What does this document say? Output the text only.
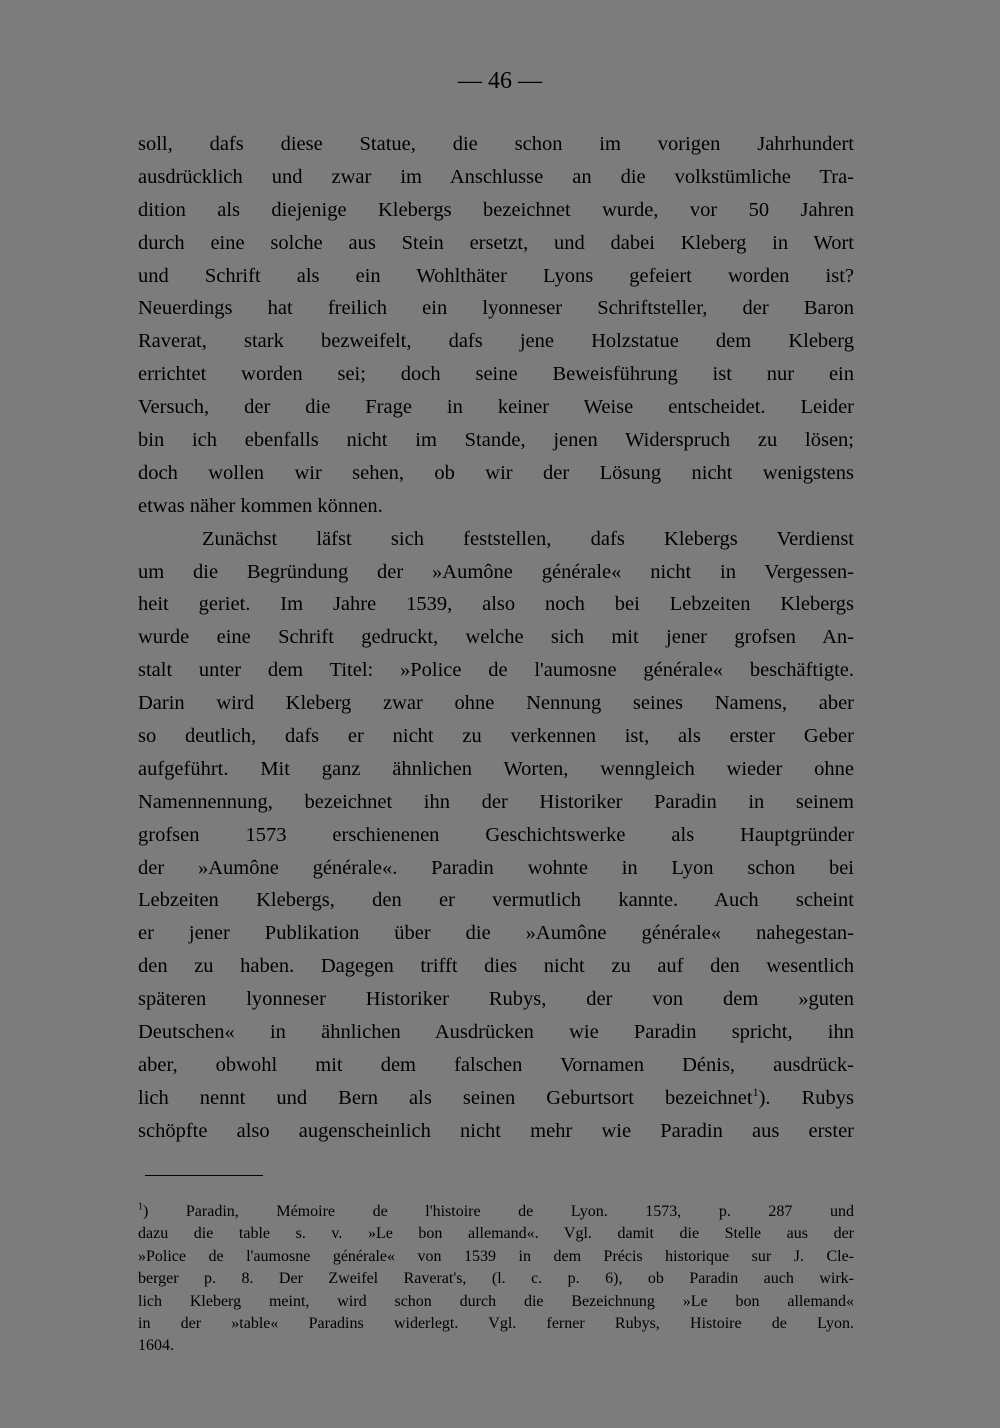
— 46 —
soll, dafs diese Statue, die schon im vorigen Jahrhundert
ausdrücklich und zwar im Anschlusse an die volkstümliche Tra-
dition als diejenige Klebergs bezeichnet wurde, vor 50 Jahren
durch eine solche aus Stein ersetzt, und dabei Kleberg in Wort
und Schrift als ein Wohlthäter Lyons gefeiert worden ist?
Neuerdings hat freilich ein lyonneser Schriftsteller, der Baron
Raverat, stark bezweifelt, dafs jene Holzstatue dem Kleberg
errichtet worden sei; doch seine Beweisführung ist nur ein
Versuch, der die Frage in keiner Weise entscheidet. Leider
bin ich ebenfalls nicht im Stande, jenen Widerspruch zu lösen;
doch wollen wir sehen, ob wir der Lösung nicht wenigstens
etwas näher kommen können.
Zunächst läfst sich feststellen, dafs Klebergs Verdienst
um die Begründung der »Aumône générale« nicht in Vergessen-
heit geriet. Im Jahre 1539, also noch bei Lebzeiten Klebergs
wurde eine Schrift gedruckt, welche sich mit jener grofsen An-
stalt unter dem Titel: »Police de l'aumosne générale« beschäftigte.
Darin wird Kleberg zwar ohne Nennung seines Namens, aber
so deutlich, dafs er nicht zu verkennen ist, als erster Geber
aufgeführt. Mit ganz ähnlichen Worten, wenngleich wieder ohne
Namennennung, bezeichnet ihn der Historiker Paradin in seinem
grofsen 1573 erschienenen Geschichtswerke als Hauptgründer
der »Aumône générale«. Paradin wohnte in Lyon schon bei
Lebzeiten Klebergs, den er vermutlich kannte. Auch scheint
er jener Publikation über die »Aumône générale« nahegestan-
den zu haben. Dagegen trifft dies nicht zu auf den wesentlich
späteren lyonneser Historiker Rubys, der von dem »guten
Deutschen« in ähnlichen Ausdrücken wie Paradin spricht, ihn
aber, obwohl mit dem falschen Vornamen Dénis, ausdrück-
lich nennt und Bern als seinen Geburtsort bezeichnet$^1$). Rubys
schöpfte also augenscheinlich nicht mehr wie Paradin aus erster
$^1$) Paradin, Mémoire de l'histoire de Lyon. 1573, p. 287 und
dazu die table s. v. »Le bon allemand«. Vgl. damit die Stelle aus der
»Police de l'aumosne générale« von 1539 in dem Précis historique sur J. Cle-
berger p. 8. Der Zweifel Raverat's, (l. c. p. 6), ob Paradin auch wirk-
lich Kleberg meint, wird schon durch die Bezeichnung »Le bon allemand«
in der »table« Paradins widerlegt. Vgl. ferner Rubys, Histoire de Lyon.
1604.
